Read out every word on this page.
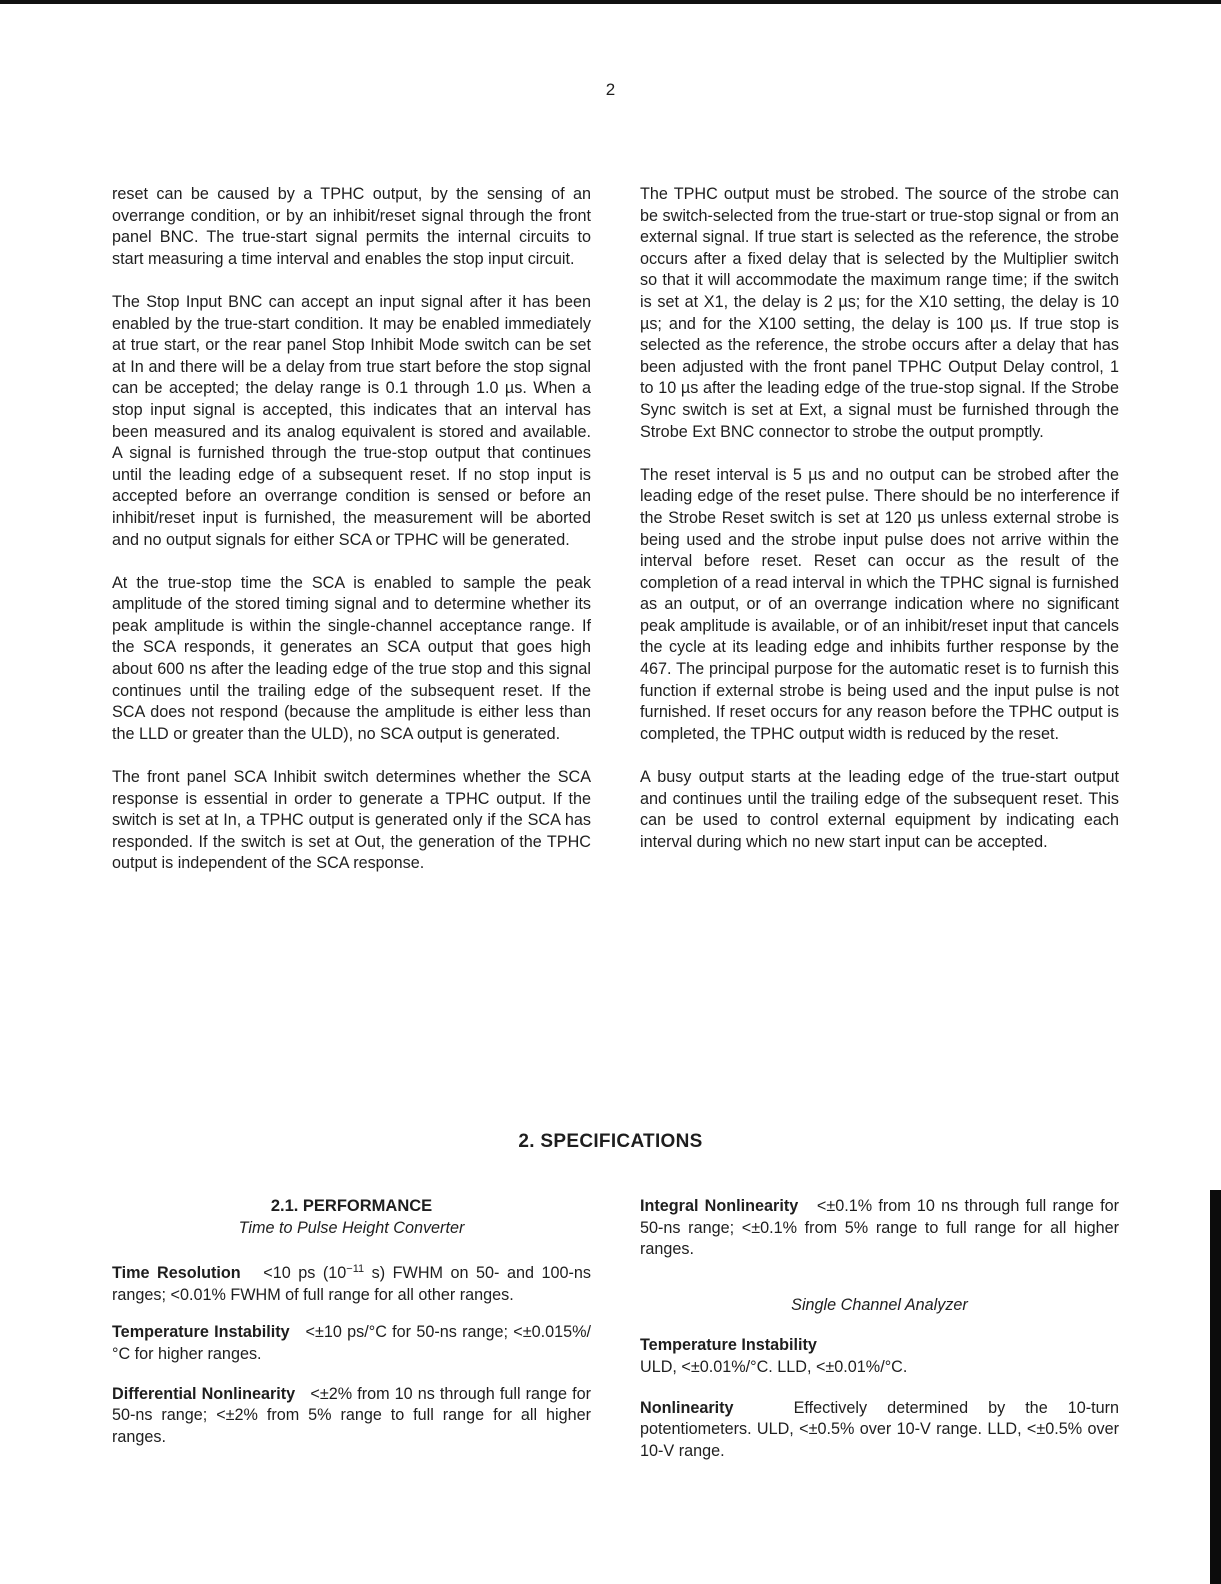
2

reset can be caused by a TPHC output, by the sensing of an overrange condition, or by an inhibit/reset signal through the front panel BNC. The true-start signal permits the internal circuits to start measuring a time interval and enables the stop input circuit.

The Stop Input BNC can accept an input signal after it has been enabled by the true-start condition. It may be enabled immediately at true start, or the rear panel Stop Inhibit Mode switch can be set at In and there will be a delay from true start before the stop signal can be accepted; the delay range is 0.1 through 1.0 µs. When a stop input signal is accepted, this indicates that an interval has been measured and its analog equivalent is stored and available. A signal is furnished through the true-stop output that continues until the leading edge of a subsequent reset. If no stop input is accepted before an overrange condition is sensed or before an inhibit/reset input is furnished, the measurement will be aborted and no output signals for either SCA or TPHC will be generated.

At the true-stop time the SCA is enabled to sample the peak amplitude of the stored timing signal and to determine whether its peak amplitude is within the single-channel acceptance range. If the SCA responds, it generates an SCA output that goes high about 600 ns after the leading edge of the true stop and this signal continues until the trailing edge of the subsequent reset. If the SCA does not respond (because the amplitude is either less than the LLD or greater than the ULD), no SCA output is generated.

The front panel SCA Inhibit switch determines whether the SCA response is essential in order to generate a TPHC output. If the switch is set at In, a TPHC output is generated only if the SCA has responded. If the switch is set at Out, the generation of the TPHC output is independent of the SCA response.

The TPHC output must be strobed. The source of the strobe can be switch-selected from the true-start or true-stop signal or from an external signal. If true start is selected as the reference, the strobe occurs after a fixed delay that is selected by the Multiplier switch so that it will accommodate the maximum range time; if the switch is set at X1, the delay is 2 µs; for the X10 setting, the delay is 10 µs; and for the X100 setting, the delay is 100 µs. If true stop is selected as the reference, the strobe occurs after a delay that has been adjusted with the front panel TPHC Output Delay control, 1 to 10 µs after the leading edge of the true-stop signal. If the Strobe Sync switch is set at Ext, a signal must be furnished through the Strobe Ext BNC connector to strobe the output promptly.

The reset interval is 5 µs and no output can be strobed after the leading edge of the reset pulse. There should be no interference if the Strobe Reset switch is set at 120 µs unless external strobe is being used and the strobe input pulse does not arrive within the interval before reset. Reset can occur as the result of the completion of a read interval in which the TPHC signal is furnished as an output, or of an overrange indication where no significant peak amplitude is available, or of an inhibit/reset input that cancels the cycle at its leading edge and inhibits further response by the 467. The principal purpose for the automatic reset is to furnish this function if external strobe is being used and the input pulse is not furnished. If reset occurs for any reason before the TPHC output is completed, the TPHC output width is reduced by the reset.

A busy output starts at the leading edge of the true-start output and continues until the trailing edge of the subsequent reset. This can be used to control external equipment by indicating each interval during which no new start input can be accepted.

2. SPECIFICATIONS

2.1. PERFORMANCE

Time to Pulse Height Converter

Time Resolution <10 ps ($10^{-11}$ s) FWHM on 50- and 100-ns ranges; <0.01% FWHM of full range for all other ranges.

Temperature Instability <±10 ps/°C for 50-ns range; <±0.015%/°C for higher ranges.

Differential Nonlinearity <±2% from 10 ns through full range for 50-ns range; <±2% from 5% range to full range for all higher ranges.

Integral Nonlinearity <±0.1% from 10 ns through full range for 50-ns range; <±0.1% from 5% range to full range for all higher ranges.

Single Channel Analyzer

Temperature Instability
ULD, <±0.01%/°C. LLD, <±0.01%/°C.

Nonlinearity	Effectively determined by the 10-turn potentiometers. ULD, <±0.5% over 10-V range. LLD, <±0.5% over 10-V range.
